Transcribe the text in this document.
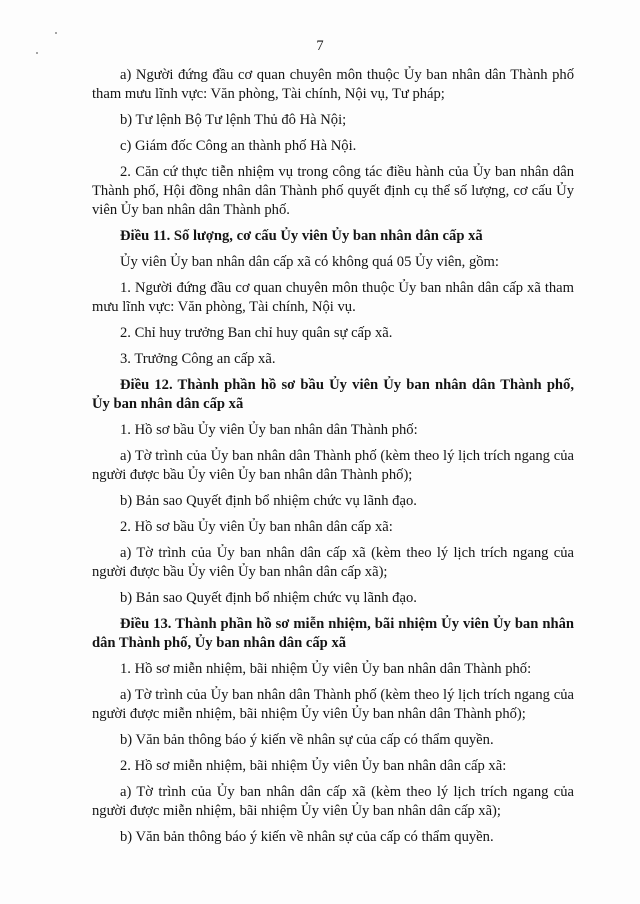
7

a) Người đứng đầu cơ quan chuyên môn thuộc Ủy ban nhân dân Thành phố tham mưu lĩnh vực: Văn phòng, Tài chính, Nội vụ, Tư pháp;

b) Tư lệnh Bộ Tư lệnh Thủ đô Hà Nội;

c) Giám đốc Công an thành phố Hà Nội.

2. Căn cứ thực tiễn nhiệm vụ trong công tác điều hành của Ủy ban nhân dân Thành phố, Hội đồng nhân dân Thành phố quyết định cụ thể số lượng, cơ cấu Ủy viên Ủy ban nhân dân Thành phố.

Điều 11. Số lượng, cơ cấu Ủy viên Ủy ban nhân dân cấp xã

Ủy viên Ủy ban nhân dân cấp xã có không quá 05 Ủy viên, gồm:

1. Người đứng đầu cơ quan chuyên môn thuộc Ủy ban nhân dân cấp xã tham mưu lĩnh vực: Văn phòng, Tài chính, Nội vụ.

2. Chỉ huy trưởng Ban chỉ huy quân sự cấp xã.

3. Trưởng Công an cấp xã.

Điều 12. Thành phần hồ sơ bầu Ủy viên Ủy ban nhân dân Thành phố, Ủy ban nhân dân cấp xã

1. Hồ sơ bầu Ủy viên Ủy ban nhân dân Thành phố:

a) Tờ trình của Ủy ban nhân dân Thành phố (kèm theo lý lịch trích ngang của người được bầu Ủy viên Ủy ban nhân dân Thành phố);

b) Bản sao Quyết định bổ nhiệm chức vụ lãnh đạo.

2. Hồ sơ bầu Ủy viên Ủy ban nhân dân cấp xã:

a) Tờ trình của Ủy ban nhân dân cấp xã (kèm theo lý lịch trích ngang của người được bầu Ủy viên Ủy ban nhân dân cấp xã);

b) Bản sao Quyết định bổ nhiệm chức vụ lãnh đạo.

Điều 13. Thành phần hồ sơ miễn nhiệm, bãi nhiệm Ủy viên Ủy ban nhân dân Thành phố, Ủy ban nhân dân cấp xã

1. Hồ sơ miễn nhiệm, bãi nhiệm Ủy viên Ủy ban nhân dân Thành phố:

a) Tờ trình của Ủy ban nhân dân Thành phố (kèm theo lý lịch trích ngang của người được miễn nhiệm, bãi nhiệm Ủy viên Ủy ban nhân dân Thành phố);

b) Văn bản thông báo ý kiến về nhân sự của cấp có thẩm quyền.

2. Hồ sơ miễn nhiệm, bãi nhiệm Ủy viên Ủy ban nhân dân cấp xã:

a) Tờ trình của Ủy ban nhân dân cấp xã (kèm theo lý lịch trích ngang của người được miễn nhiệm, bãi nhiệm Ủy viên Ủy ban nhân dân cấp xã);

b) Văn bản thông báo ý kiến về nhân sự của cấp có thẩm quyền.
